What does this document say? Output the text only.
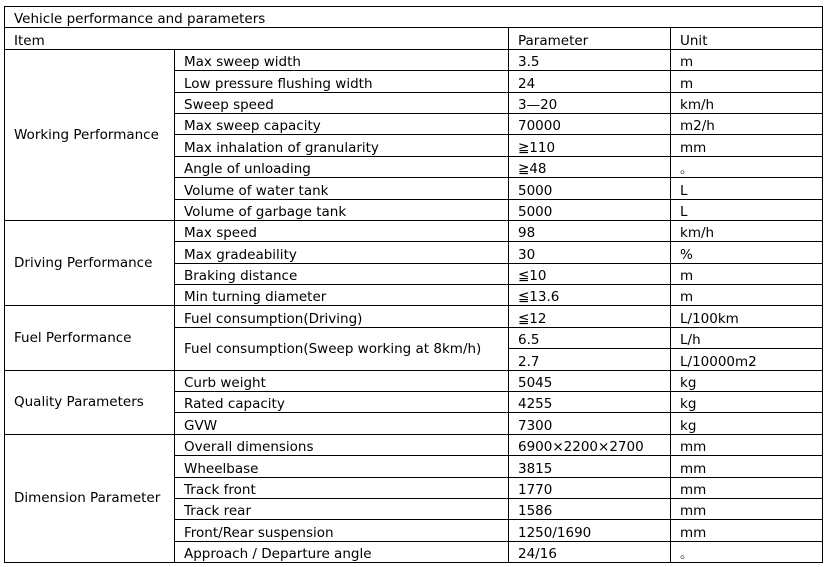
Vehicle performance and parameters			
Item		Parameter	Unit
Working Performance	Max sweep width	3.5	m
	Low pressure flushing width	24	m
	Sweep speed	3—20	km/h
	Max sweep capacity	70000	m2/h
	Max inhalation of granularity	≧110	mm
	Angle of unloading	≧48	。
	Volume of water tank	5000	L
	Volume of garbage tank	5000	L
Driving Performance	Max speed	98	km/h
	Max gradeability	30	%
	Braking distance	≦10	m
	Min turning diameter	≦13.6	m
Fuel Performance	Fuel consumption(Driving)	≦12	L/100km
	Fuel consumption(Sweep working at 8km/h)	6.5	L/h
		2.7	L/10000m2
Quality Parameters	Curb weight	5045	kg
	Rated capacity	4255	kg
	GVW	7300	kg
Dimension Parameter	Overall dimensions	6900×2200×2700	mm
	Wheelbase	3815	mm
	Track front	1770	mm
	Track rear	1586	mm
	Front/Rear suspension	1250/1690	mm
	Approach / Departure angle	24/16	。
